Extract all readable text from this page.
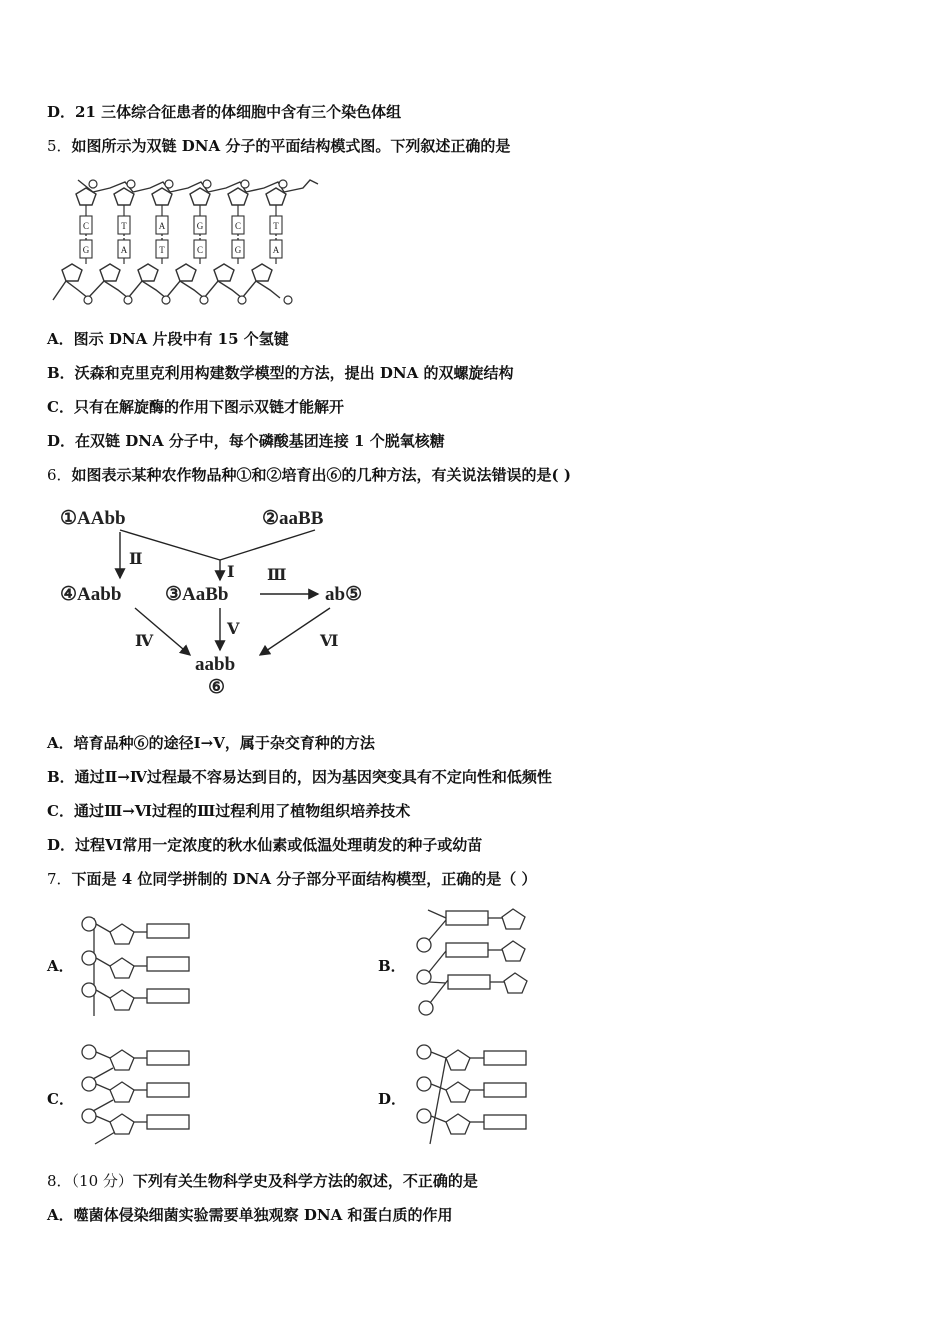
D．21 三体综合征患者的体细胞中含有三个染色体组
5．如图所示为双链 DNA 分子的平面结构模式图。下列叙述正确的是
C	T	A	G	C	T
G	A	T	C	G	A
A．图示 DNA 片段中有 15 个氢键
B．沃森和克里克利用构建数学模型的方法，提出 DNA 的双螺旋结构
C．只有在解旋酶的作用下图示双链才能解开
D．在双链 DNA 分子中，每个磷酸基团连接 1 个脱氧核糖
6．如图表示某种农作物品种①和②培育出⑥的几种方法，有关说法错误的是( )
①AAbb	②aaBB
④Aabb ③AaBb	ab⑤
aabb
⑥
Ⅱ
Ⅰ Ⅲ
Ⅳ
Ⅴ
Ⅵ
A．培育品种⑥的途径Ⅰ→Ⅴ，属于杂交育种的方法
B．通过Ⅱ→Ⅳ过程最不容易达到目的，因为基因突变具有不定向性和低频性
C．通过Ⅲ→Ⅵ过程的Ⅲ过程利用了植物组织培养技术
D．过程Ⅵ常用一定浓度的秋水仙素或低温处理萌发的种子或幼苗
7．下面是 4 位同学拼制的 DNA 分子部分平面结构模型，正确的是（ ）
A．	B．
C．	D．
8．（10 分）下列有关生物科学史及科学方法的叙述，不正确的是
A．噬菌体侵染细菌实验需要单独观察 DNA 和蛋白质的作用
